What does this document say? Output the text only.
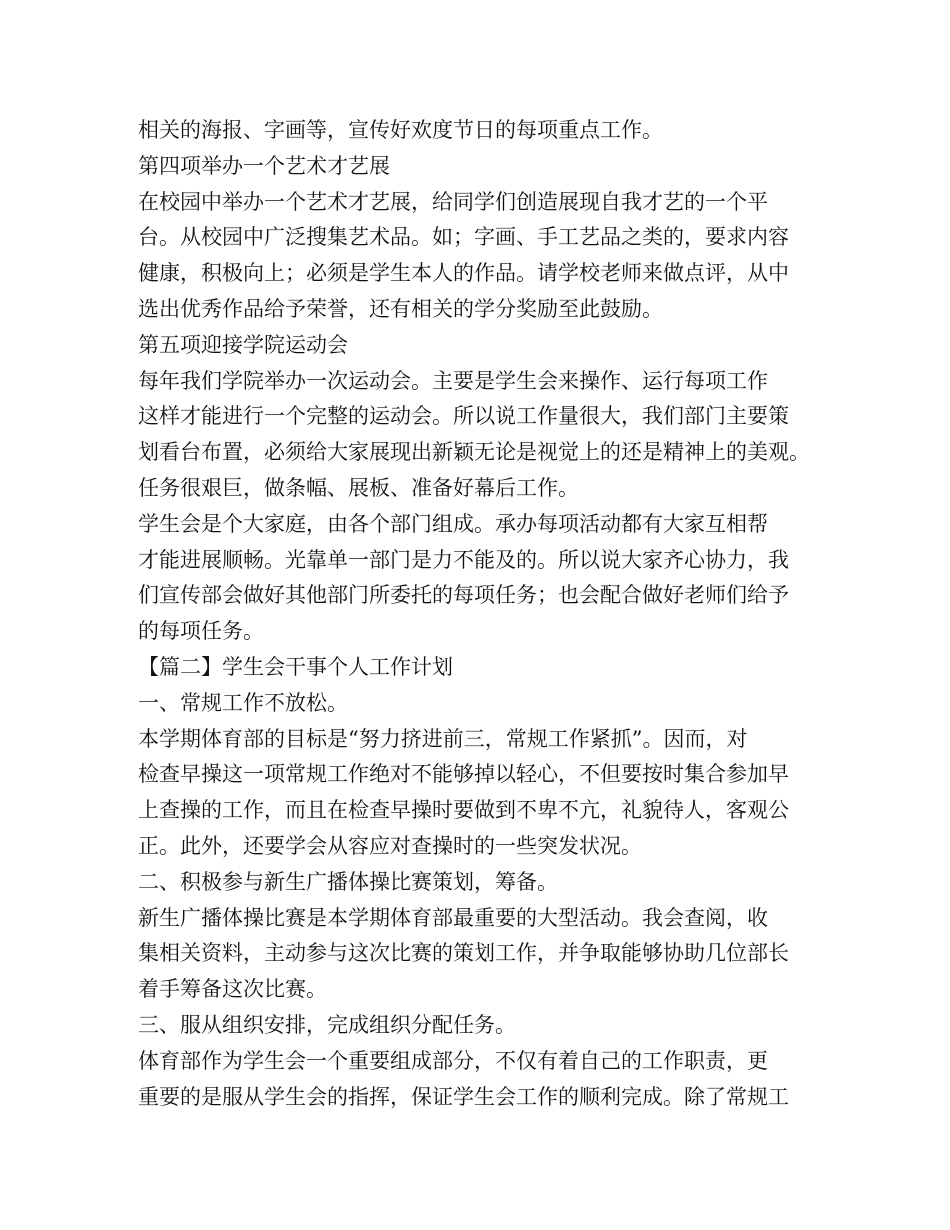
相关的海报、字画等，宣传好欢度节日的每项重点工作。
第四项举办一个艺术才艺展
在校园中举办一个艺术才艺展，给同学们创造展现自我才艺的一个平
台。从校园中广泛搜集艺术品。如；字画、手工艺品之类的，要求内容
健康，积极向上；必须是学生本人的作品。请学校老师来做点评，从中
选出优秀作品给予荣誉，还有相关的学分奖励至此鼓励。
第五项迎接学院运动会
每年我们学院举办一次运动会。主要是学生会来操作、运行每项工作
这样才能进行一个完整的运动会。所以说工作量很大，我们部门主要策
划看台布置，必须给大家展现出新颖无论是视觉上的还是精神上的美观。
任务很艰巨，做条幅、展板、准备好幕后工作。
学生会是个大家庭，由各个部门组成。承办每项活动都有大家互相帮
才能进展顺畅。光靠单一部门是力不能及的。所以说大家齐心协力，我
们宣传部会做好其他部门所委托的每项任务；也会配合做好老师们给予
的每项任务。
【篇二】学生会干事个人工作计划
一、常规工作不放松。
本学期体育部的目标是“努力挤进前三，常规工作紧抓”。因而，对
检查早操这一项常规工作绝对不能够掉以轻心，不但要按时集合参加早
上查操的工作，而且在检查早操时要做到不卑不亢，礼貌待人，客观公
正。此外，还要学会从容应对查操时的一些突发状况。
二、积极参与新生广播体操比赛策划，筹备。
新生广播体操比赛是本学期体育部最重要的大型活动。我会查阅，收
集相关资料，主动参与这次比赛的策划工作，并争取能够协助几位部长
着手筹备这次比赛。
三、服从组织安排，完成组织分配任务。
体育部作为学生会一个重要组成部分，不仅有着自己的工作职责，更
重要的是服从学生会的指挥，保证学生会工作的顺利完成。除了常规工
